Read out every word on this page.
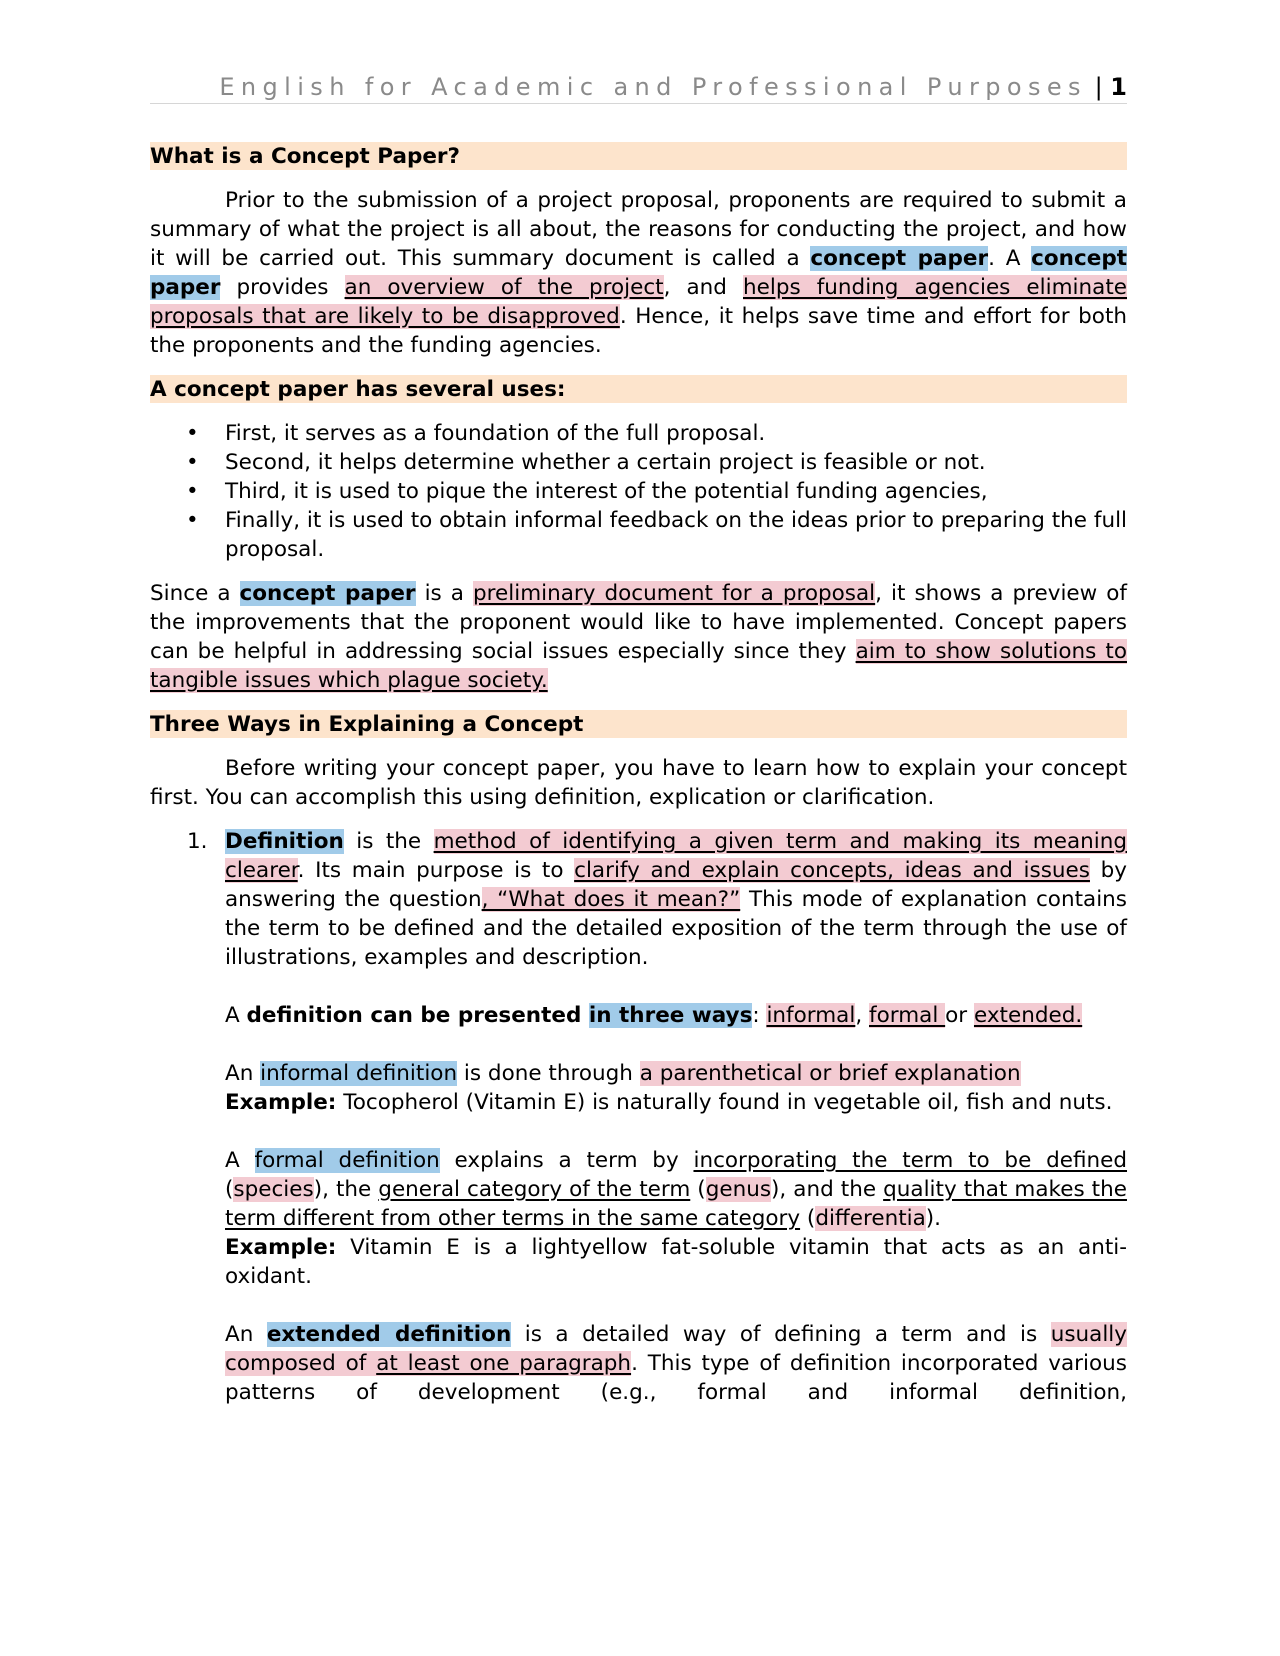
English for Academic and Professional Purposes | 1
What is a Concept Paper?

Prior to the submission of a project proposal, proponents are required to submit a summary of what the project is all about, the reasons for conducting the project, and how it will be carried out. This summary document is called a concept paper. A concept paper provides an overview of the project, and helps funding agencies eliminate proposals that are likely to be disapproved. Hence, it helps save time and effort for both the proponents and the funding agencies.

A concept paper has several uses:
• First, it serves as a foundation of the full proposal.
• Second, it helps determine whether a certain project is feasible or not.
• Third, it is used to pique the interest of the potential funding agencies,
• Finally, it is used to obtain informal feedback on the ideas prior to preparing the full proposal.

Since a concept paper is a preliminary document for a proposal, it shows a preview of the improvements that the proponent would like to have implemented. Concept papers can be helpful in addressing social issues especially since they aim to show solutions to tangible issues which plague society.

Three Ways in Explaining a Concept

Before writing your concept paper, you have to learn how to explain your concept first. You can accomplish this using definition, explication or clarification.

1. Definition is the method of identifying a given term and making its meaning clearer. Its main purpose is to clarify and explain concepts, ideas and issues by answering the question, “What does it mean?” This mode of explanation contains the term to be defined and the detailed exposition of the term through the use of illustrations, examples and description.

A definition can be presented in three ways: informal, formal or extended.

An informal definition is done through a parenthetical or brief explanation

Example: Tocopherol (Vitamin E) is naturally found in vegetable oil, fish and nuts.

A formal definition explains a term by incorporating the term to be defined (species), the general category of the term (genus), and the quality that makes the term different from other terms in the same category (differentia).

Example: Vitamin E is a lightyellow fat-soluble vitamin that acts as an anti-oxidant.

An extended definition is a detailed way of defining a term and is usually composed of at least one paragraph. This type of definition incorporated various patterns of development (e.g., formal and informal definition,
